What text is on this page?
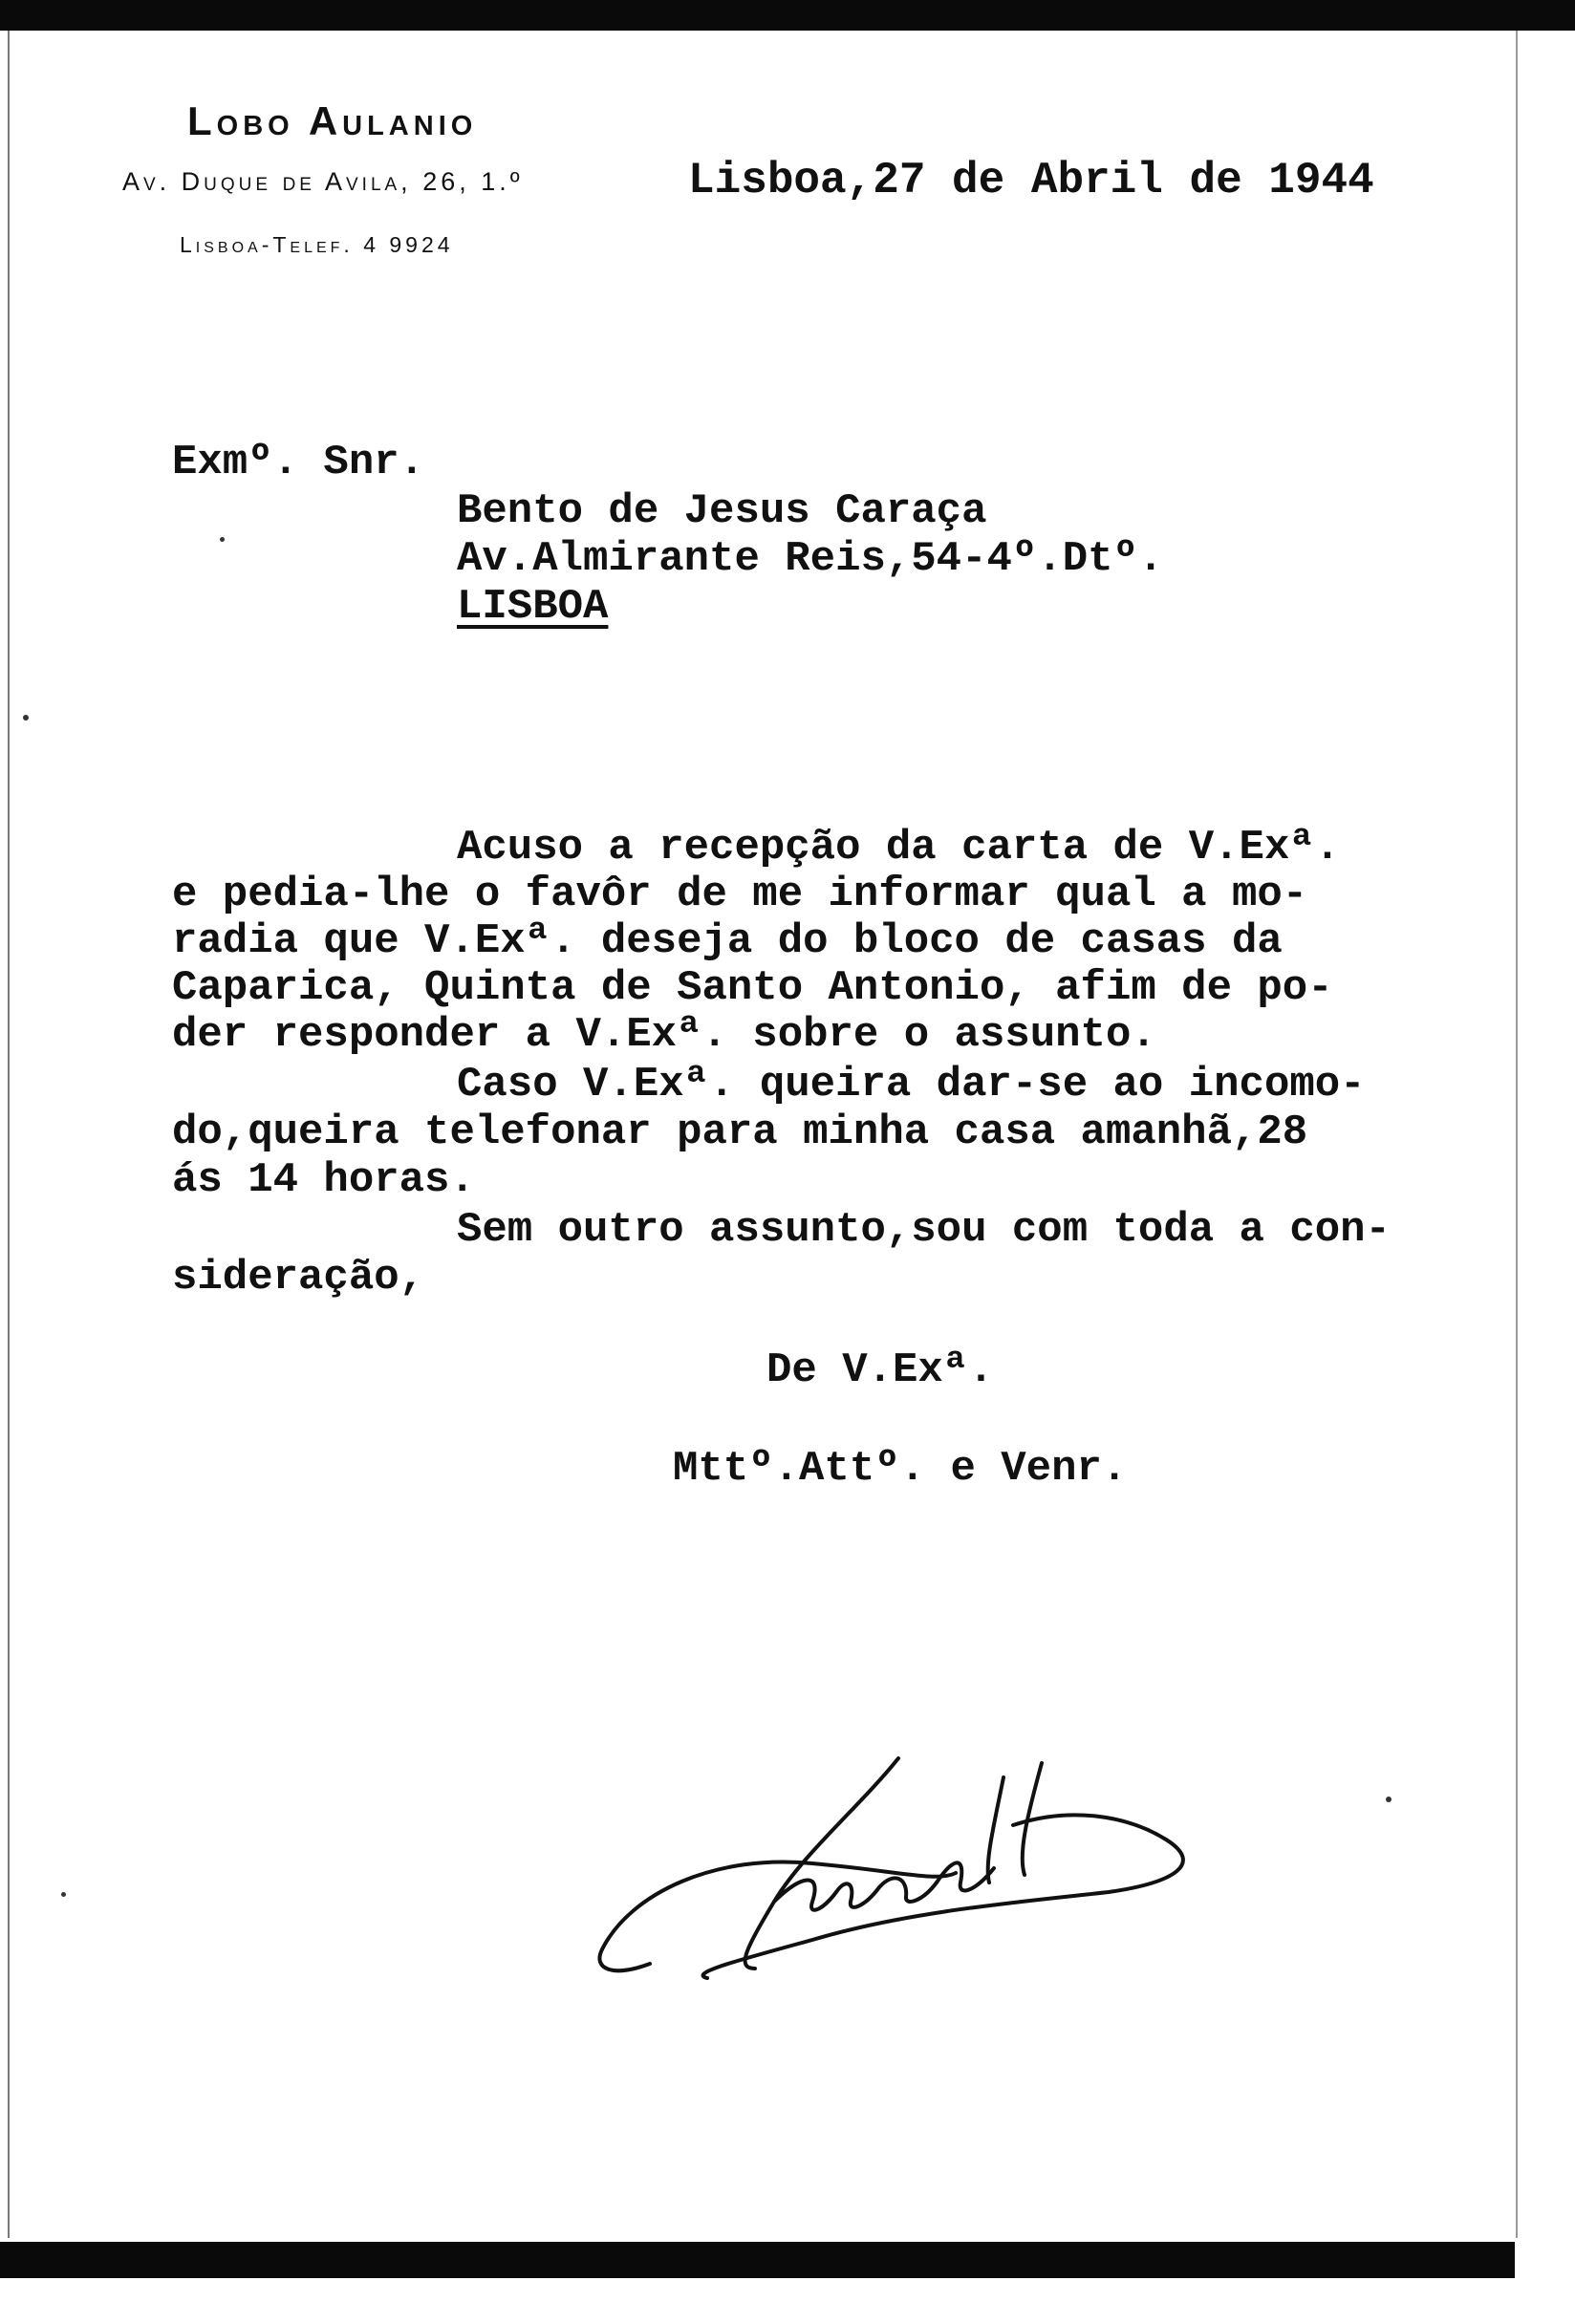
Lobo Aulanio
Av. Duque de Avila, 26, 1.º
Lisboa-Telef. 4 9924
Lisboa,27 de Abril de 1944
Exmº. Snr.
Bento de Jesus Caraça
Av.Almirante Reis,54-4º.Dtº.
LISBOA
Acuso a recepção da carta de V.Exª.
e pedia-lhe o favôr de me informar qual a mo-
radia que V.Exª. deseja do bloco de casas da
Caparica, Quinta de Santo Antonio, afim de po-
der responder a V.Exª. sobre o assunto.
Caso V.Exª. queira dar-se ao incomo-
do,queira telefonar para minha casa amanhã,28
ás 14 horas.
Sem outro assunto,sou com toda a con-
sideração,
De V.Exª.
Mttº.Attº. e Venr.
